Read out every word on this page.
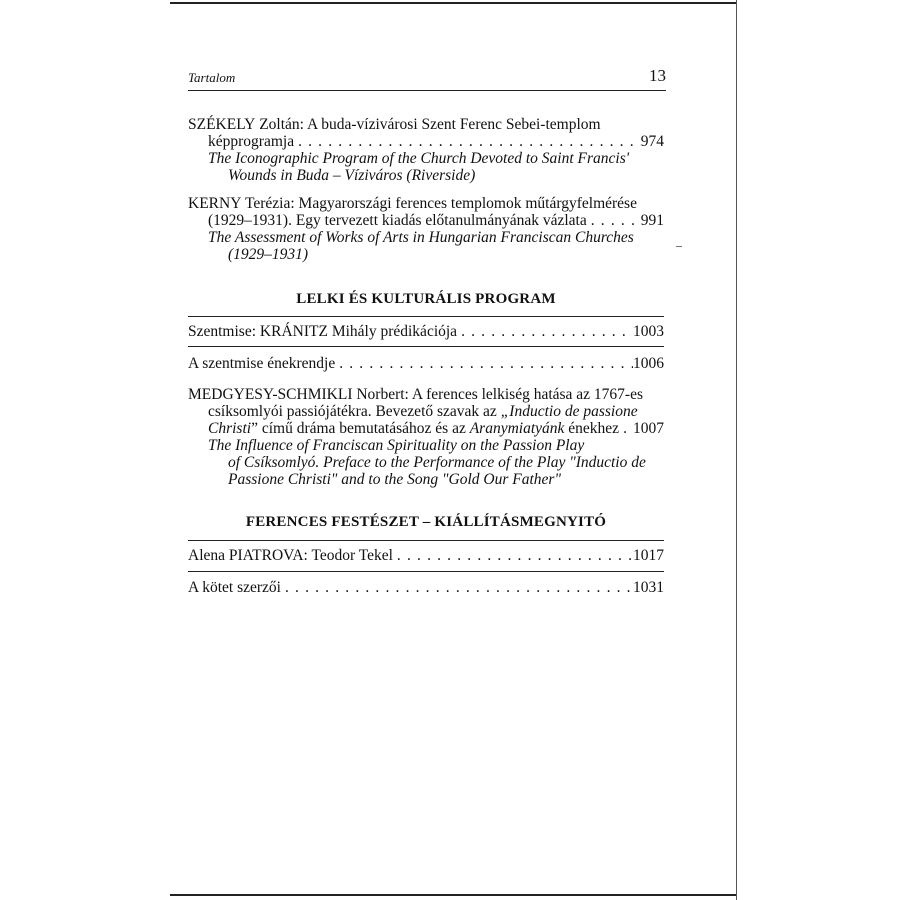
Tartalom	13
SZÉKELY Zoltán: A buda-vízivárosi Szent Ferenc Sebei-templom
képprogramja . . .	974
The Iconographic Program of the Church Devoted to Saint Francis'
Wounds in Buda – Víziváros (Riverside)
KERNY Terézia: Magyarországi ferences templomok műtárgyfelmérése
(1929–1931). Egy tervezett kiadás előtanulmányának vázlata . . .	991
The Assessment of Works of Arts in Hungarian Franciscan Churches
(1929–1931)
LELKI ÉS KULTURÁLIS PROGRAM
Szentmise: KRÁNITZ Mihály prédikációja . . .	1003
A szentmise énekrendje . . .	1006
MEDGYESY-SCHMIKLI Norbert: A ferences lelkiség hatása az 1767-es
csíksomlyói passiójátékra. Bevezető szavak az „Inductio de passione
Christi” című dráma bemutatásához és az Aranymiatyánk énekhez . . . 1007
The Influence of Franciscan Spirituality on the Passion Play
of Csíksomlyó. Preface to the Performance of the Play "Inductio de
Passione Christi" and to the Song "Gold Our Father"
FERENCES FESTÉSZET – KIÁLLÍTÁSMEGNYITÓ
Alena PIATROVA: Teodor Tekel . . .	1017
A kötet szerzői . . .	1031
